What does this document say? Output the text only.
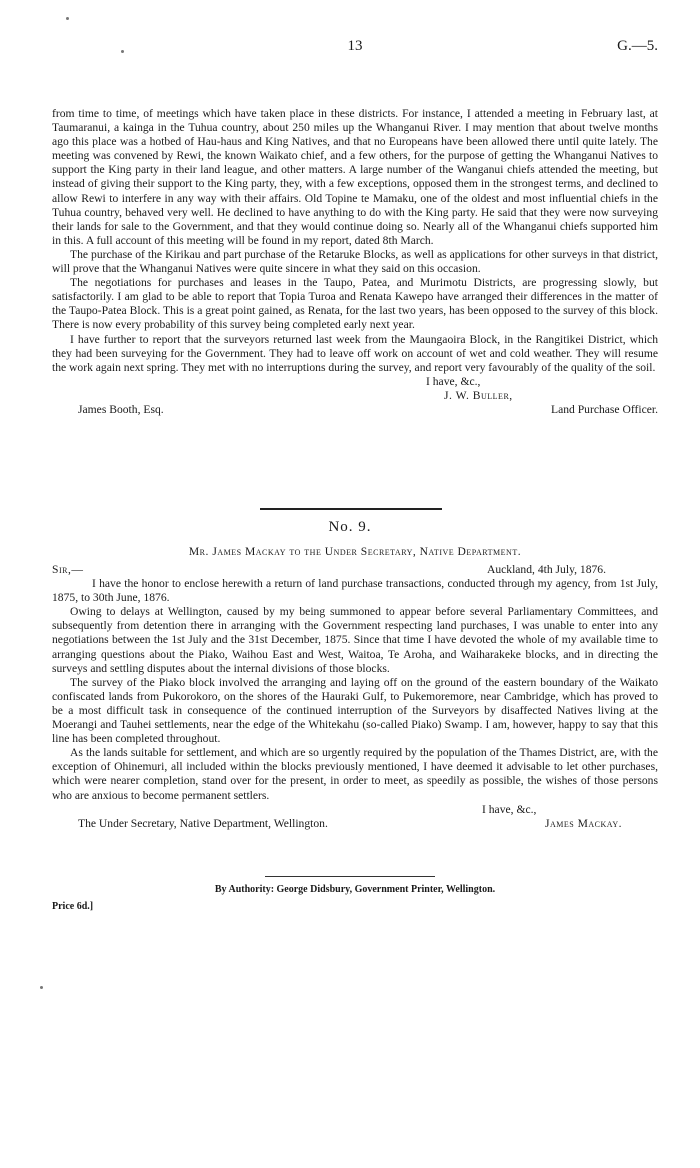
13	G.—5.

from time to time, of meetings which have taken place in these districts. For instance, I attended a meeting in February last, at Taumaranui, a kainga in the Tuhua country, about 250 miles up the Whanganui River. I may mention that about twelve months ago this place was a hotbed of Hau-haus and King Natives, and that no Europeans have been allowed there until quite lately. The meeting was convened by Rewi, the known Waikato chief, and a few others, for the purpose of getting the Whanganui Natives to support the King party in their land league, and other matters. A large number of the Wanganui chiefs attended the meeting, but instead of giving their support to the King party, they, with a few exceptions, opposed them in the strongest terms, and declined to allow Rewi to interfere in any way with their affairs. Old Topine te Mamaku, one of the oldest and most influential chiefs in the Tuhua country, behaved very well. He declined to have anything to do with the King party. He said that they were now surveying their lands for sale to the Government, and that they would continue doing so. Nearly all of the Whanganui chiefs supported him in this. A full account of this meeting will be found in my report, dated 8th March.

The purchase of the Kirikau and part purchase of the Retaruke Blocks, as well as applications for other surveys in that district, will prove that the Whanganui Natives were quite sincere in what they said on this occasion.

The negotiations for purchases and leases in the Taupo, Patea, and Murimotu Districts, are progressing slowly, but satisfactorily. I am glad to be able to report that Topia Turoa and Renata Kawepo have arranged their differences in the matter of the Taupo-Patea Block. This is a great point gained, as Renata, for the last two years, has been opposed to the survey of this block. There is now every probability of this survey being completed early next year.

I have further to report that the surveyors returned last week from the Maungaoira Block, in the Rangitikei District, which they had been surveying for the Government. They had to leave off work on account of wet and cold weather. They will resume the work again next spring. They met with no interruptions during the survey, and report very favourably of the quality of the soil.

I have, &c.,

J. W. Buller,

James Booth, Esq.	Land Purchase Officer.
No. 9.
Mr. James Mackay to the Under Secretary, Native Department.
Sir,—	Auckland, 4th July, 1876.

I have the honor to enclose herewith a return of land purchase transactions, conducted through my agency, from 1st July, 1875, to 30th June, 1876.

Owing to delays at Wellington, caused by my being summoned to appear before several Parliamentary Committees, and subsequently from detention there in arranging with the Government respecting land purchases, I was unable to enter into any negotiations between the 1st July and the 31st December, 1875. Since that time I have devoted the whole of my available time to arranging questions about the Piako, Waihou East and West, Waitoa, Te Aroha, and Waiharakeke blocks, and in directing the surveys and settling disputes about the internal divisions of those blocks.

The survey of the Piako block involved the arranging and laying off on the ground of the eastern boundary of the Waikato confiscated lands from Pukorokoro, on the shores of the Hauraki Gulf, to Pukemoremore, near Cambridge, which has proved to be a most difficult task in consequence of the continued interruption of the Surveyors by disaffected Natives living at the Moerangi and Tauhei settlements, near the edge of the Whitekahu (so-called Piako) Swamp. I am, however, happy to say that this line has been completed throughout.

As the lands suitable for settlement, and which are so urgently required by the population of the Thames District, are, with the exception of Ohinemuri, all included within the blocks previously mentioned, I have deemed it advisable to let other purchases, which were nearer completion, stand over for the present, in order to meet, as speedily as possible, the wishes of those persons who are anxious to become permanent settlers.

I have, &c.,

The Under Secretary, Native Department, Wellington.	James Mackay.
By Authority: George Didsbury, Government Printer, Wellington.
Price 6d.]
